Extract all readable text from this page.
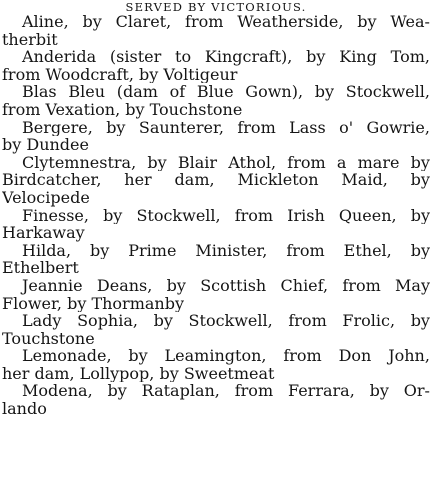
SERVED BY VICTORIOUS.
Aline, by Claret, from Weatherside, by Wea-
therbit
Anderida (sister to Kingcraft), by King Tom,
from Woodcraft, by Voltigeur
Blas Bleu (dam of Blue Gown), by Stockwell,
from Vexation, by Touchstone
Bergere, by Saunterer, from Lass o' Gowrie,
by Dundee
Clytemnestra, by Blair Athol, from a mare by
Birdcatcher, her dam, Mickleton Maid, by
Velocipede
Finesse, by Stockwell, from Irish Queen, by
Harkaway
Hilda, by Prime Minister, from Ethel, by
Ethelbert
Jeannie Deans, by Scottish Chief, from May
Flower, by Thormanby
Lady Sophia, by Stockwell, from Frolic, by
Touchstone
Lemonade, by Leamington, from Don John,
her dam, Lollypop, by Sweetmeat
Modena, by Rataplan, from Ferrara, by Or-
lando
